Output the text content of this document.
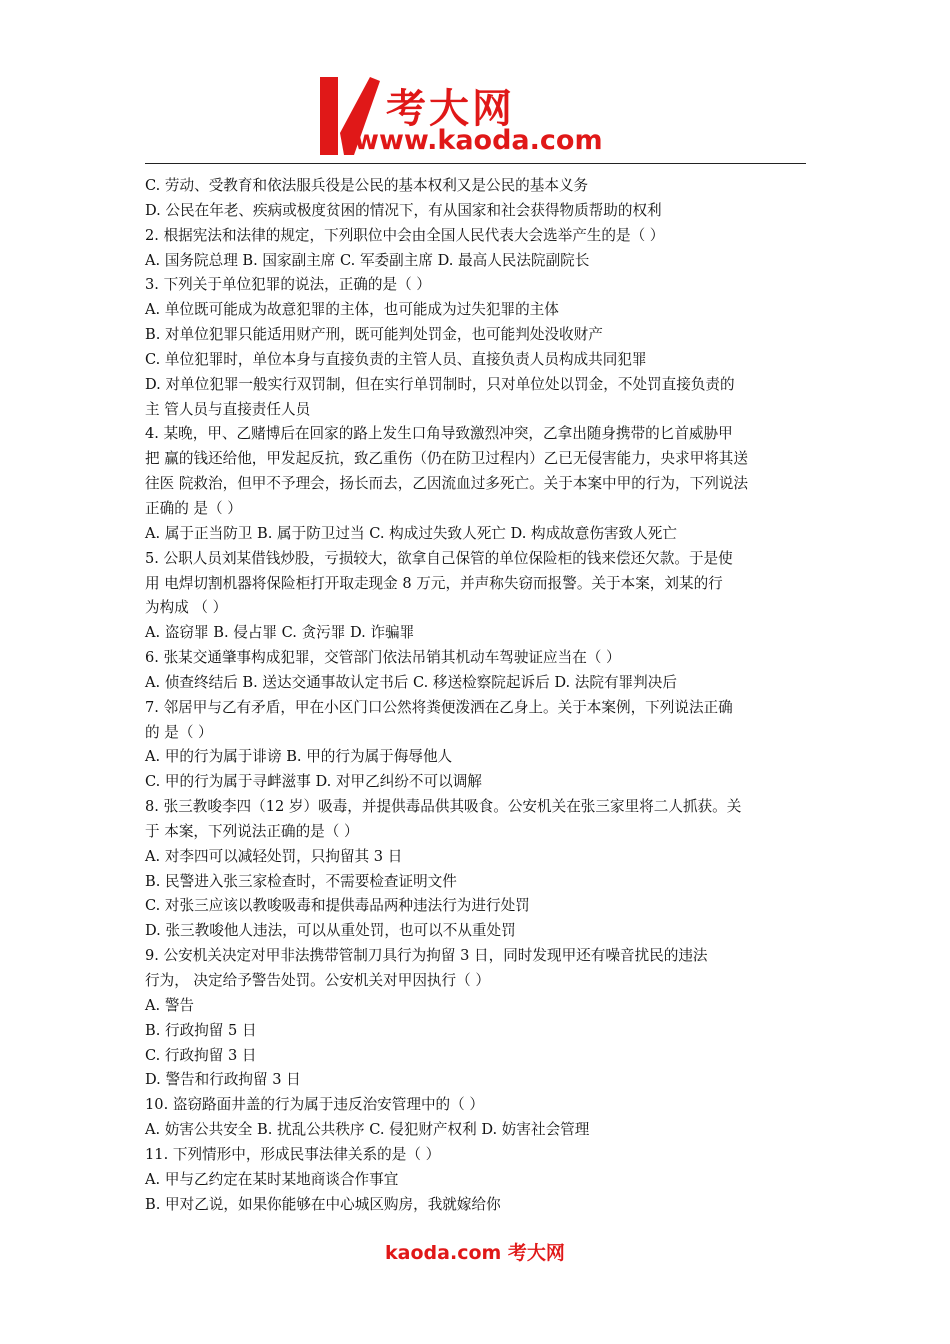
考大网
www.kaoda.com
C. 劳动、受教育和依法服兵役是公民的基本权利又是公民的基本义务
D. 公民在年老、疾病或极度贫困的情况下，有从国家和社会获得物质帮助的权利
2. 根据宪法和法律的规定，下列职位中会由全国人民代表大会选举产生的是（ ）
A. 国务院总理 B. 国家副主席 C. 军委副主席 D. 最高人民法院副院长
3. 下列关于单位犯罪的说法，正确的是（ ）
A. 单位既可能成为故意犯罪的主体，也可能成为过失犯罪的主体
B. 对单位犯罪只能适用财产刑，既可能判处罚金，也可能判处没收财产
C. 单位犯罪时，单位本身与直接负责的主管人员、直接负责人员构成共同犯罪
D. 对单位犯罪一般实行双罚制，但在实行单罚制时，只对单位处以罚金，不处罚直接负责的
主 管人员与直接责任人员
4. 某晚，甲、乙赌博后在回家的路上发生口角导致激烈冲突，乙拿出随身携带的匕首威胁甲
把 赢的钱还给他，甲发起反抗，致乙重伤（仍在防卫过程内）乙已无侵害能力，央求甲将其送
往医 院救治，但甲不予理会，扬长而去，乙因流血过多死亡。关于本案中甲的行为，下列说法
正确的 是（ ）
A. 属于正当防卫 B. 属于防卫过当 C. 构成过失致人死亡 D. 构成故意伤害致人死亡
5. 公职人员刘某借钱炒股，亏损较大，欲拿自己保管的单位保险柜的钱来偿还欠款。于是使
用 电焊切割机器将保险柜打开取走现金 8 万元，并声称失窃而报警。关于本案，刘某的行
为构成 （ ）
A. 盗窃罪 B. 侵占罪 C. 贪污罪 D. 诈骗罪
6. 张某交通肇事构成犯罪，交管部门依法吊销其机动车驾驶证应当在（ ）
A. 侦查终结后 B. 送达交通事故认定书后 C. 移送检察院起诉后 D. 法院有罪判决后
7. 邻居甲与乙有矛盾，甲在小区门口公然将粪便泼洒在乙身上。关于本案例，下列说法正确
的 是（ ）
A. 甲的行为属于诽谤 B. 甲的行为属于侮辱他人
C. 甲的行为属于寻衅滋事 D. 对甲乙纠纷不可以调解
8. 张三教唆李四（12 岁）吸毒，并提供毒品供其吸食。公安机关在张三家里将二人抓获。关
于 本案，下列说法正确的是（ ）
A. 对李四可以减轻处罚，只拘留其 3 日
B. 民警进入张三家检查时，不需要检查证明文件
C. 对张三应该以教唆吸毒和提供毒品两种违法行为进行处罚
D. 张三教唆他人违法，可以从重处罚，也可以不从重处罚
9. 公安机关决定对甲非法携带管制刀具行为拘留 3 日，同时发现甲还有噪音扰民的违法
行为， 决定给予警告处罚。公安机关对甲因执行（ ）
A. 警告
B. 行政拘留 5 日
C. 行政拘留 3 日
D. 警告和行政拘留 3 日
10. 盗窃路面井盖的行为属于违反治安管理中的（ ）
A. 妨害公共安全 B. 扰乱公共秩序 C. 侵犯财产权利 D. 妨害社会管理
11. 下列情形中，形成民事法律关系的是（ ）
A. 甲与乙约定在某时某地商谈合作事宜
B. 甲对乙说，如果你能够在中心城区购房，我就嫁给你
kaoda.com 考大网
